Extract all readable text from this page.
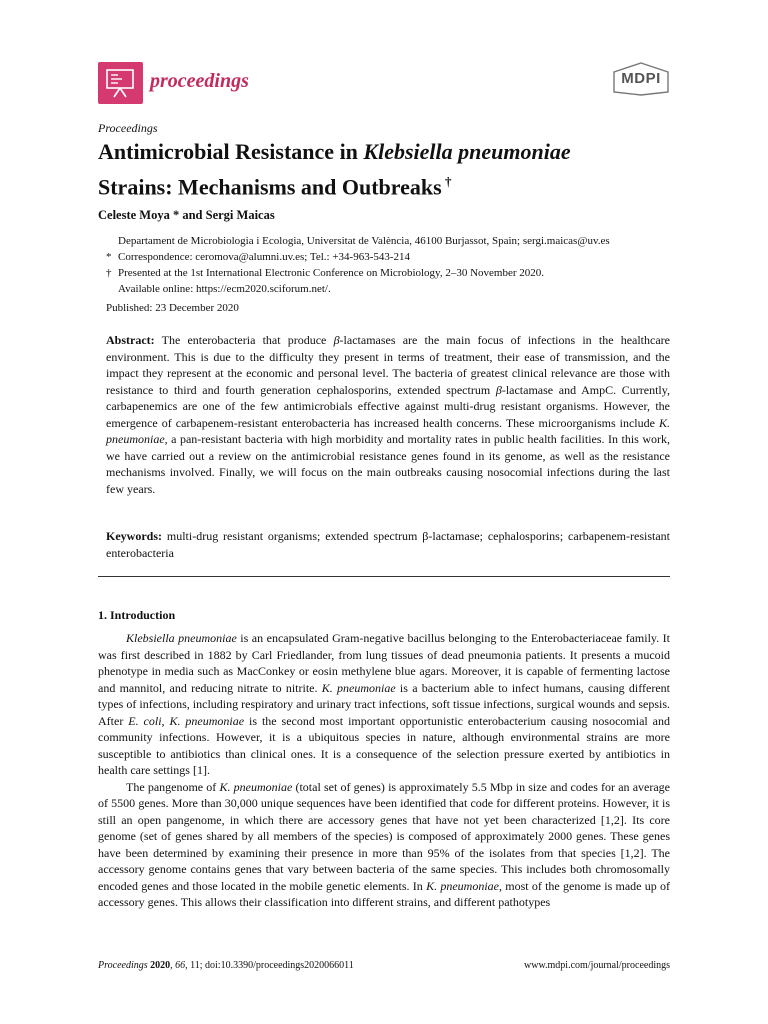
proceedings	MDPI
Proceedings
Antimicrobial Resistance in Klebsiella pneumoniae
Strains: Mechanisms and Outbreaks †
Celeste Moya * and Sergi Maicas
Departament de Microbiologia i Ecologia, Universitat de València, 46100 Burjassot, Spain; sergi.maicas@uv.es
* Correspondence: ceromova@alumni.uv.es; Tel.: +34-963-543-214
† Presented at the 1st International Electronic Conference on Microbiology, 2–30 November 2020.
Available online: https://ecm2020.sciforum.net/.
Published: 23 December 2020
Abstract: The enterobacteria that produce β-lactamases are the main focus of infections in the healthcare environment. This is due to the difficulty they present in terms of treatment, their ease of transmission, and the impact they represent at the economic and personal level. The bacteria of greatest clinical relevance are those with resistance to third and fourth generation cephalosporins, extended spectrum β-lactamase and AmpC. Currently, carbapenemics are one of the few antimicrobials effective against multi-drug resistant organisms. However, the emergence of carbapenem-resistant enterobacteria has increased health concerns. These microorganisms include K. pneumoniae, a pan-resistant bacteria with high morbidity and mortality rates in public health facilities. In this work, we have carried out a review on the antimicrobial resistance genes found in its genome, as well as the resistance mechanisms involved. Finally, we will focus on the main outbreaks causing nosocomial infections during the last few years.
Keywords: multi-drug resistant organisms; extended spectrum β-lactamase; cephalosporins; carbapenem-resistant enterobacteria
1. Introduction

Klebsiella pneumoniae is an encapsulated Gram-negative bacillus belonging to the Enterobacteriaceae family. It was first described in 1882 by Carl Friedlander, from lung tissues of dead pneumonia patients. It presents a mucoid phenotype in media such as MacConkey or eosin methylene blue agars. Moreover, it is capable of fermenting lactose and mannitol, and reducing nitrate to nitrite. K. pneumoniae is a bacterium able to infect humans, causing different types of infections, including respiratory and urinary tract infections, soft tissue infections, surgical wounds and sepsis. After E. coli, K. pneumoniae is the second most important opportunistic enterobacterium causing nosocomial and community infections. However, it is a ubiquitous species in nature, although environmental strains are more susceptible to antibiotics than clinical ones. It is a consequence of the selection pressure exerted by antibiotics in health care settings [1].

The pangenome of K. pneumoniae (total set of genes) is approximately 5.5 Mbp in size and codes for an average of 5500 genes. More than 30,000 unique sequences have been identified that code for different proteins. However, it is still an open pangenome, in which there are accessory genes that have not yet been characterized [1,2]. Its core genome (set of genes shared by all members of the species) is composed of approximately 2000 genes. These genes have been determined by examining their presence in more than 95% of the isolates from that species [1,2]. The accessory genome contains genes that vary between bacteria of the same species. This includes both chromosomally encoded genes and those located in the mobile genetic elements. In K. pneumoniae, most of the genome is made up of accessory genes. This allows their classification into different strains, and different pathotypes

Proceedings 2020, 66, 11; doi:10.3390/proceedings2020066011	www.mdpi.com/journal/proceedings
